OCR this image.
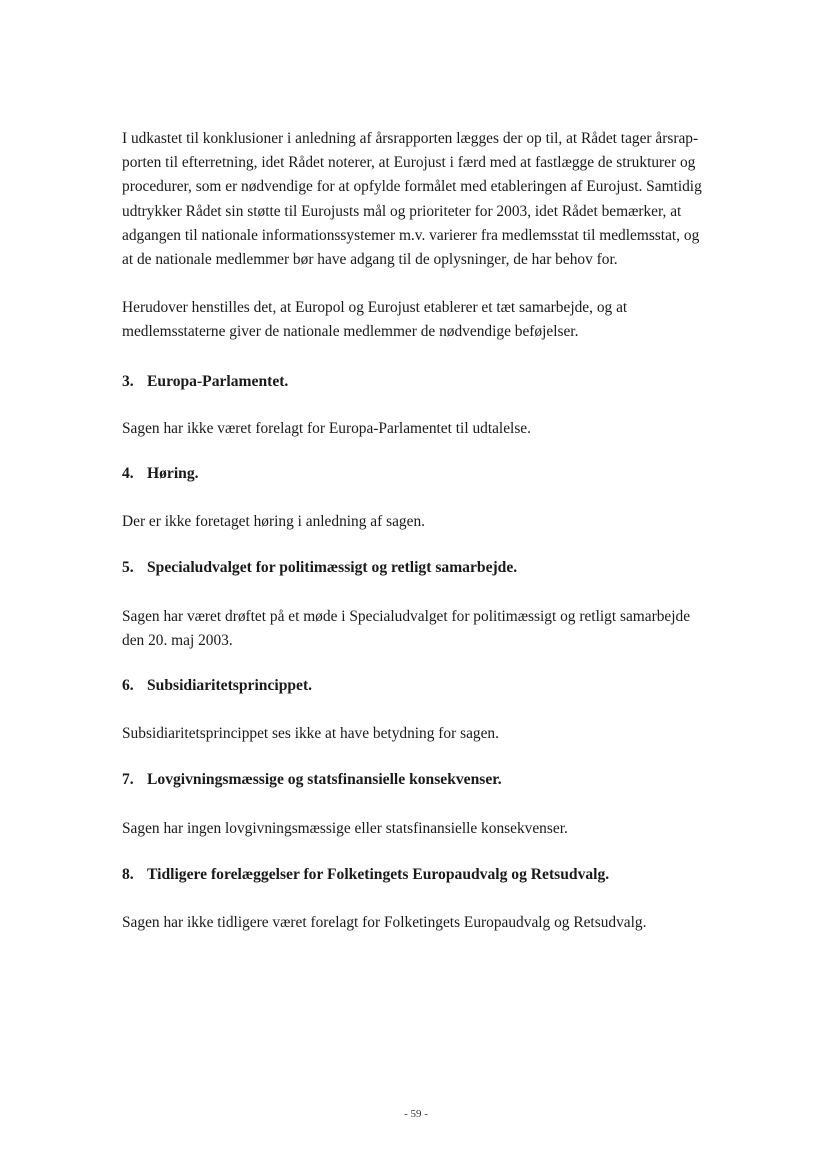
I udkastet til konklusioner i anledning af årsrapporten lægges der op til, at Rådet tager årsrap-
porten til efterretning, idet Rådet noterer, at Eurojust i færd med at fastlægge de strukturer og
procedurer, som er nødvendige for at opfylde formålet med etableringen af Eurojust. Samtidig
udtrykker Rådet sin støtte til Eurojusts mål og prioriteter for 2003, idet Rådet bemærker, at
adgangen til nationale informationssystemer m.v. varierer fra medlemsstat til medlemsstat, og
at de nationale medlemmer bør have adgang til de oplysninger, de har behov for.

Herudover henstilles det, at Europol og Eurojust etablerer et tæt samarbejde, og at
medlemsstaterne giver de nationale medlemmer de nødvendige beføjelser.

3. Europa-Parlamentet.

Sagen har ikke været forelagt for Europa-Parlamentet til udtalelse.

4. Høring.

Der er ikke foretaget høring i anledning af sagen.

5. Specialudvalget for politimæssigt og retligt samarbejde.

Sagen har været drøftet på et møde i Specialudvalget for politimæssigt og retligt samarbejde
den 20. maj 2003.

6. Subsidiaritetsprincippet.

Subsidiaritetsprincippet ses ikke at have betydning for sagen.

7. Lovgivningsmæssige og statsfinansielle konsekvenser.

Sagen har ingen lovgivningsmæssige eller statsfinansielle konsekvenser.

8. Tidligere forelæggelser for Folketingets Europaudvalg og Retsudvalg.

Sagen har ikke tidligere været forelagt for Folketingets Europaudvalg og Retsudvalg.

- 59 -
